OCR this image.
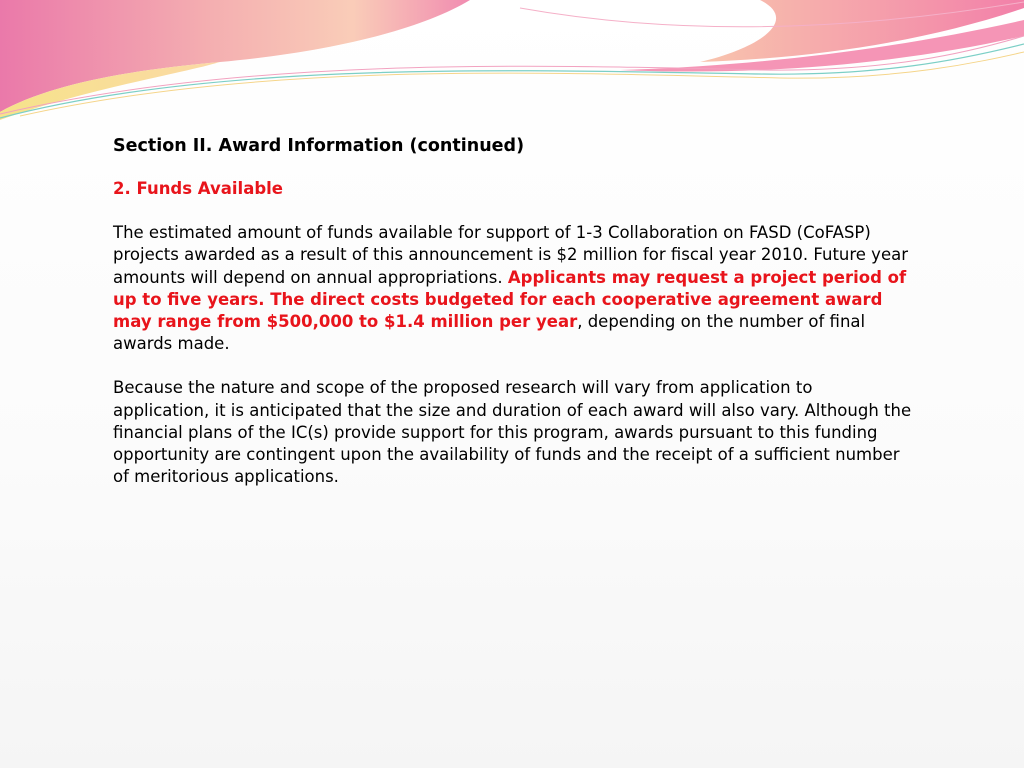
Section II. Award Information (continued)
2. Funds Available

The estimated amount of funds available for support of 1-3 Collaboration on FASD (CoFASP) projects awarded as a result of this announcement is $2 million for fiscal year 2010. Future year amounts will depend on annual appropriations. Applicants may request a project period of up to five years. The direct costs budgeted for each cooperative agreement award may range from $500,000 to $1.4 million per year, depending on the number of final awards made.

Because the nature and scope of the proposed research will vary from application to application, it is anticipated that the size and duration of each award will also vary. Although the financial plans of the IC(s) provide support for this program, awards pursuant to this funding opportunity are contingent upon the availability of funds and the receipt of a sufficient number of meritorious applications.
